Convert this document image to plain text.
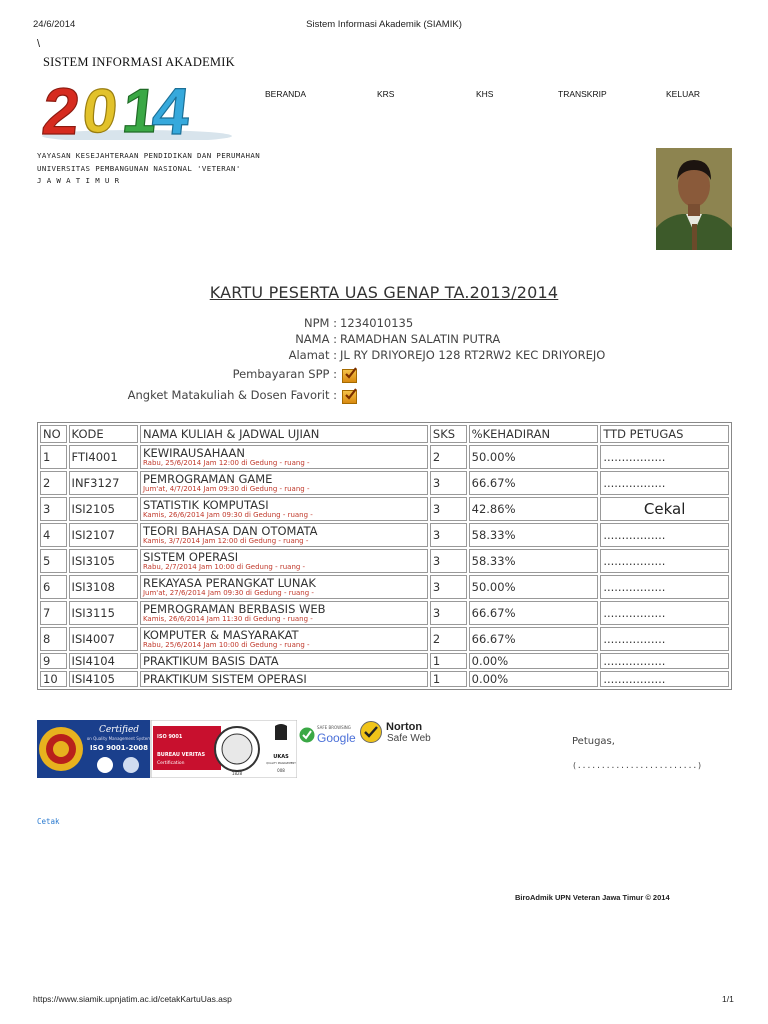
24/6/2014	Sistem Informasi Akademik (SIAMIK)
\
2
0
1
4
SISTEM INFORMASI AKADEMIK
BERANDA	KRS	KHS	TRANSKRIP	KELUAR
YAYASAN KESEJAHTERAAN PENDIDIKAN DAN PERUMAHAN
UNIVERSITAS PEMBANGUNAN NASIONAL 'VETERAN'
J A W A T I M U R
KARTU PESERTA UAS GENAP TA.2013/2014
NPM : 1234010135
NAMA : RAMADHAN SALATIN PUTRA
Alamat : JL RY DRIYOREJO 128 RT2RW2 KEC DRIYOREJO
Pembayaran SPP :
Angket Matakuliah & Dosen Favorit :
NO	KODE	NAMA KULIAH & JADWAL UJIAN	SKS	%KEHADIRAN	TTD PETUGAS
1	FTI4001	KEWIRAUSAHAAN
Rabu, 25/6/2014 Jam 12:00 di Gedung - ruang -	2	50.00%	.................
2	INF3127	PEMROGRAMAN GAME
Jum'at, 4/7/2014 Jam 09:30 di Gedung - ruang -	3	66.67%	.................
3	ISI2105	STATISTIK KOMPUTASI
Kamis, 26/6/2014 Jam 09:30 di Gedung - ruang -	3	42.86%	Cekal
4	ISI2107	TEORI BAHASA DAN OTOMATA
Kamis, 3/7/2014 Jam 12:00 di Gedung - ruang -	3	58.33%	.................
5	ISI3105	SISTEM OPERASI
Rabu, 2/7/2014 Jam 10:00 di Gedung - ruang -	3	58.33%	.................
6	ISI3108	REKAYASA PERANGKAT LUNAK
Jum'at, 27/6/2014 Jam 09:30 di Gedung - ruang -	3	50.00%	.................
7	ISI3115	PEMROGRAMAN BERBASIS WEB
Kamis, 26/6/2014 Jam 11:30 di Gedung - ruang -	3	66.67%	.................
8	ISI4007	KOMPUTER & MASYARAKAT
Rabu, 25/6/2014 Jam 10:00 di Gedung - ruang -	2	66.67%	.................
9	ISI4104	PRAKTIKUM BASIS DATA	1	0.00%	.................
10	ISI4105	PRAKTIKUM SISTEM OPERASI	1	0.00%	.................
Certified
on Quality Management System
ISO 9001-2008
ISO 9001
BUREAU VERITAS
Certification
1828
UKAS
QUALITY MANAGEMENT
008
SAFE BROWSING
Google
Norton
Safe Web	Petugas,
(.........................)
Cetak
BiroAdmik UPN Veteran Jawa Timur © 2014
https://www.siamik.upnjatim.ac.id/cetakKartuUas.asp	1/1
